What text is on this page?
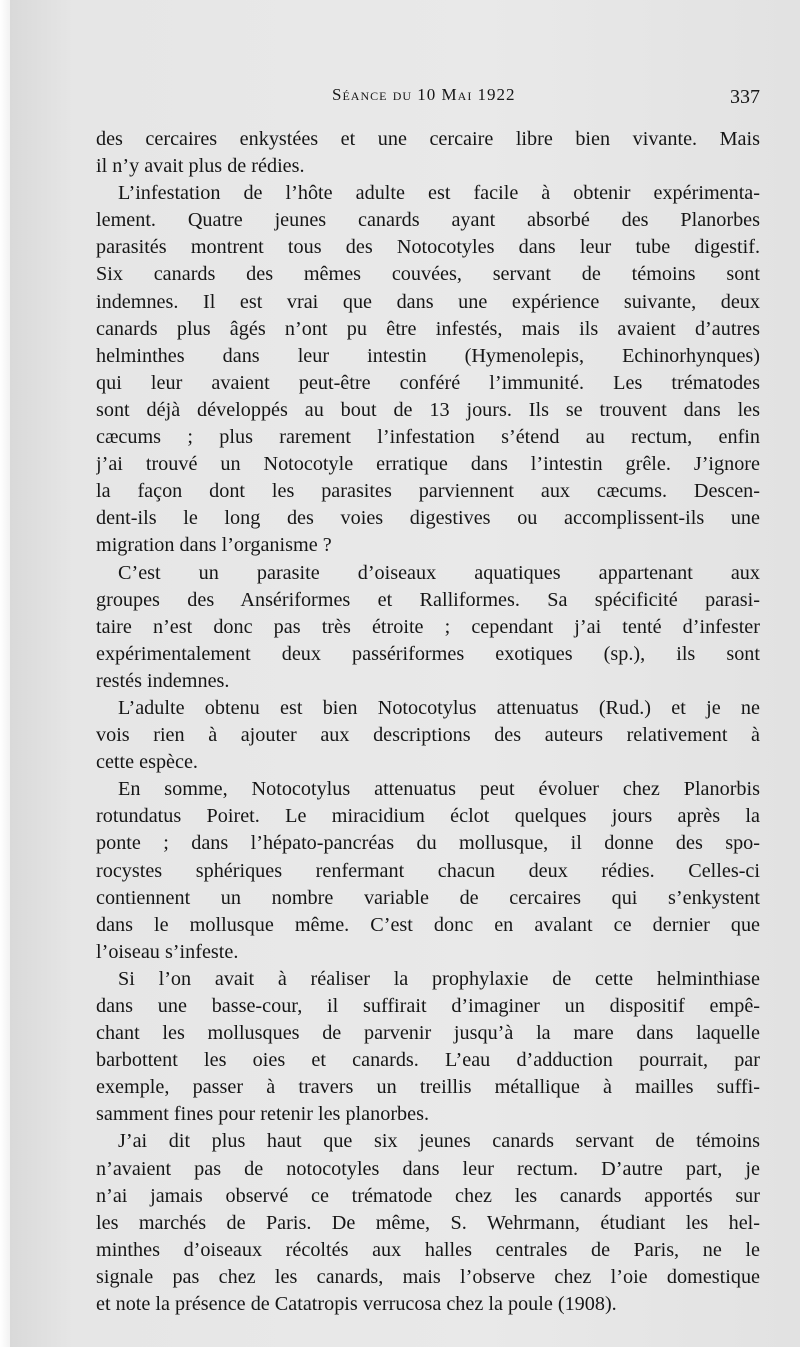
Séance du 10 Mai 1922	337
des cercaires enkystées et une cercaire libre bien vivante. Mais
il n’y avait plus de rédies.
L’infestation de l’hôte adulte est facile à obtenir expérimenta-
lement. Quatre jeunes canards ayant absorbé des Planorbes
parasités montrent tous des Notocotyles dans leur tube digestif.
Six canards des mêmes couvées, servant de témoins sont
indemnes. Il est vrai que dans une expérience suivante, deux
canards plus âgés n’ont pu être infestés, mais ils avaient d’autres
helminthes dans leur intestin (Hymenolepis, Echinorhynques)
qui leur avaient peut-être conféré l’immunité. Les trématodes
sont déjà développés au bout de 13 jours. Ils se trouvent dans les
cæcums ; plus rarement l’infestation s’étend au rectum, enfin
j’ai trouvé un Notocotyle erratique dans l’intestin grêle. J’ignore
la façon dont les parasites parviennent aux cæcums. Descen-
dent-ils le long des voies digestives ou accomplissent-ils une
migration dans l’organisme ?
C’est un parasite d’oiseaux aquatiques appartenant aux
groupes des Ansériformes et Ralliformes. Sa spécificité parasi-
taire n’est donc pas très étroite ; cependant j’ai tenté d’infester
expérimentalement deux passériformes exotiques (sp.), ils sont
restés indemnes.
L’adulte obtenu est bien Notocotylus attenuatus (Rud.) et je ne
vois rien à ajouter aux descriptions des auteurs relativement à
cette espèce.
En somme, Notocotylus attenuatus peut évoluer chez Planorbis
rotundatus Poiret. Le miracidium éclot quelques jours après la
ponte ; dans l’hépato-pancréas du mollusque, il donne des spo-
rocystes sphériques renfermant chacun deux rédies. Celles-ci
contiennent un nombre variable de cercaires qui s’enkystent
dans le mollusque même. C’est donc en avalant ce dernier que
l’oiseau s’infeste.
Si l’on avait à réaliser la prophylaxie de cette helminthiase
dans une basse-cour, il suffirait d’imaginer un dispositif empê-
chant les mollusques de parvenir jusqu’à la mare dans laquelle
barbottent les oies et canards. L’eau d’adduction pourrait, par
exemple, passer à travers un treillis métallique à mailles suffi-
samment fines pour retenir les planorbes.
J’ai dit plus haut que six jeunes canards servant de témoins
n’avaient pas de notocotyles dans leur rectum. D’autre part, je
n’ai jamais observé ce trématode chez les canards apportés sur
les marchés de Paris. De même, S. Wehrmann, étudiant les hel-
minthes d’oiseaux récoltés aux halles centrales de Paris, ne le
signale pas chez les canards, mais l’observe chez l’oie domestique
et note la présence de Catatropis verrucosa chez la poule (1908).
